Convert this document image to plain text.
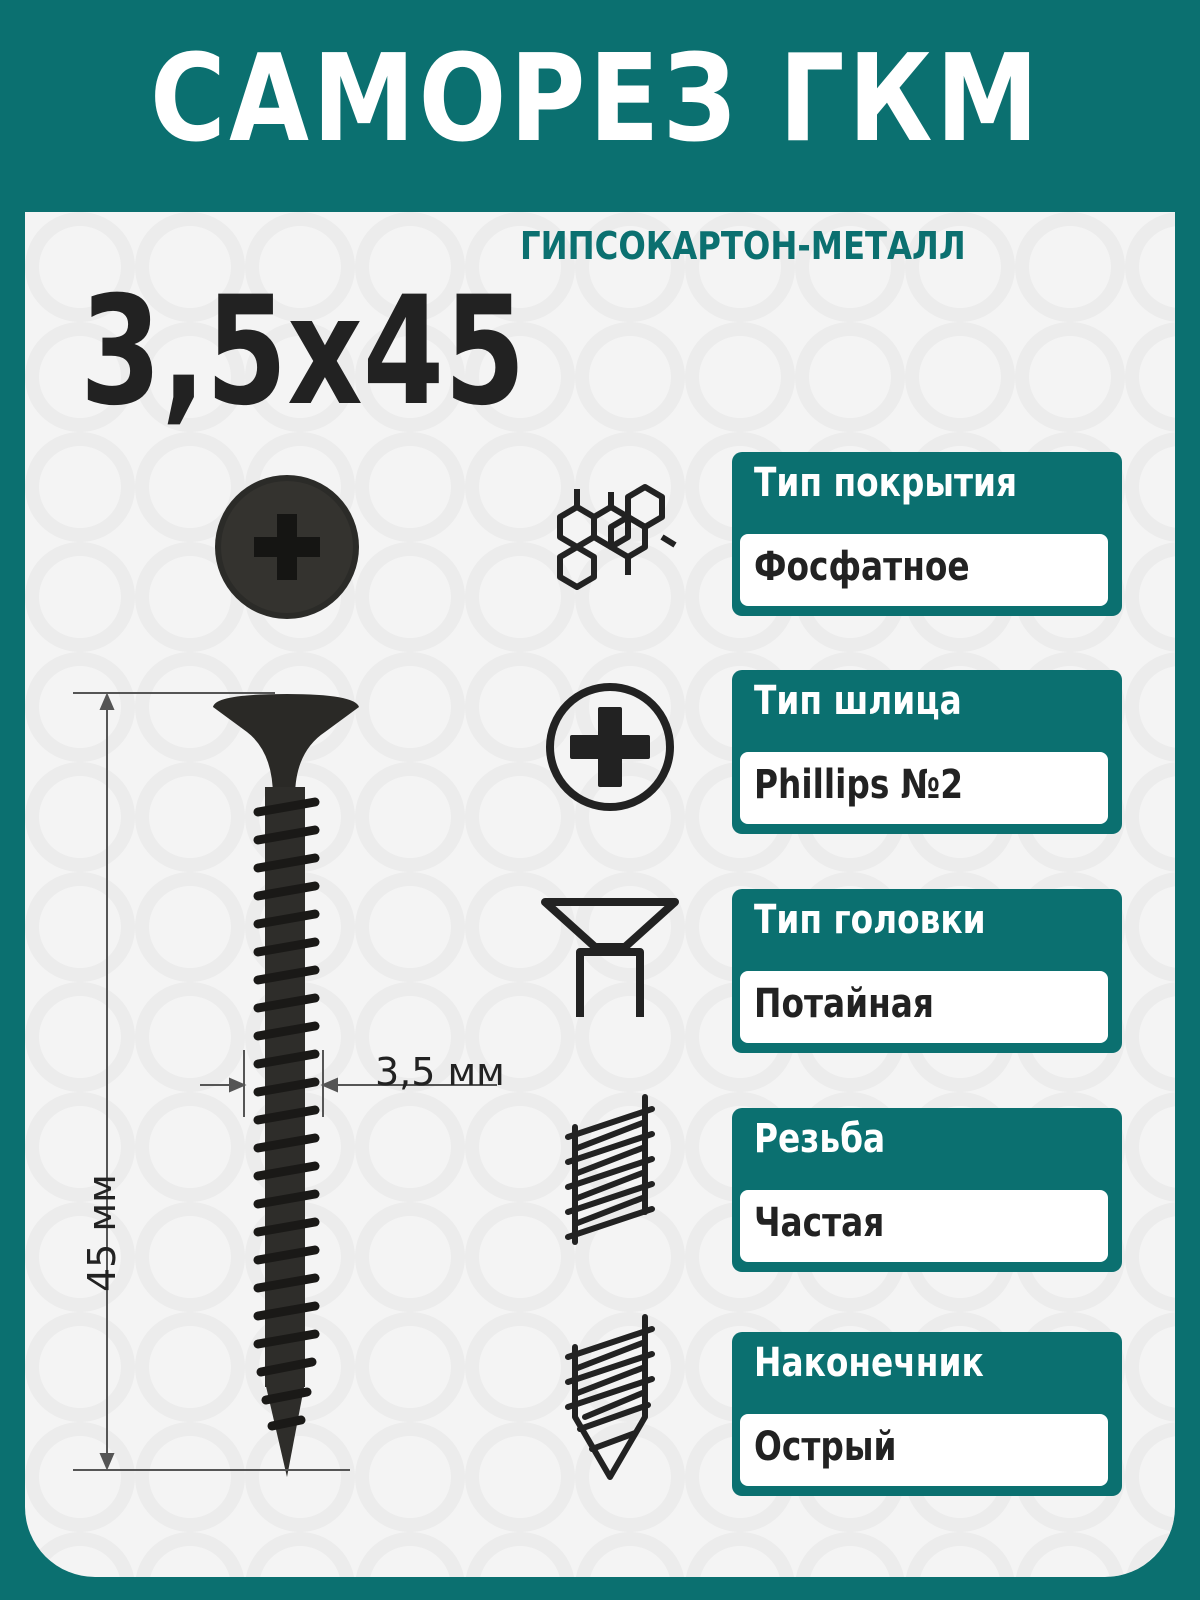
САМОРЕЗ ГКМ
ГИПСОКАРТОН-МЕТАЛЛ
3,5х45
45 мм
3,5 мм
Тип покрытия
Фосфатное
Тип шлица
Phillips №2
Тип головки
Потайная
Резьба
Частая
Наконечник
Острый
